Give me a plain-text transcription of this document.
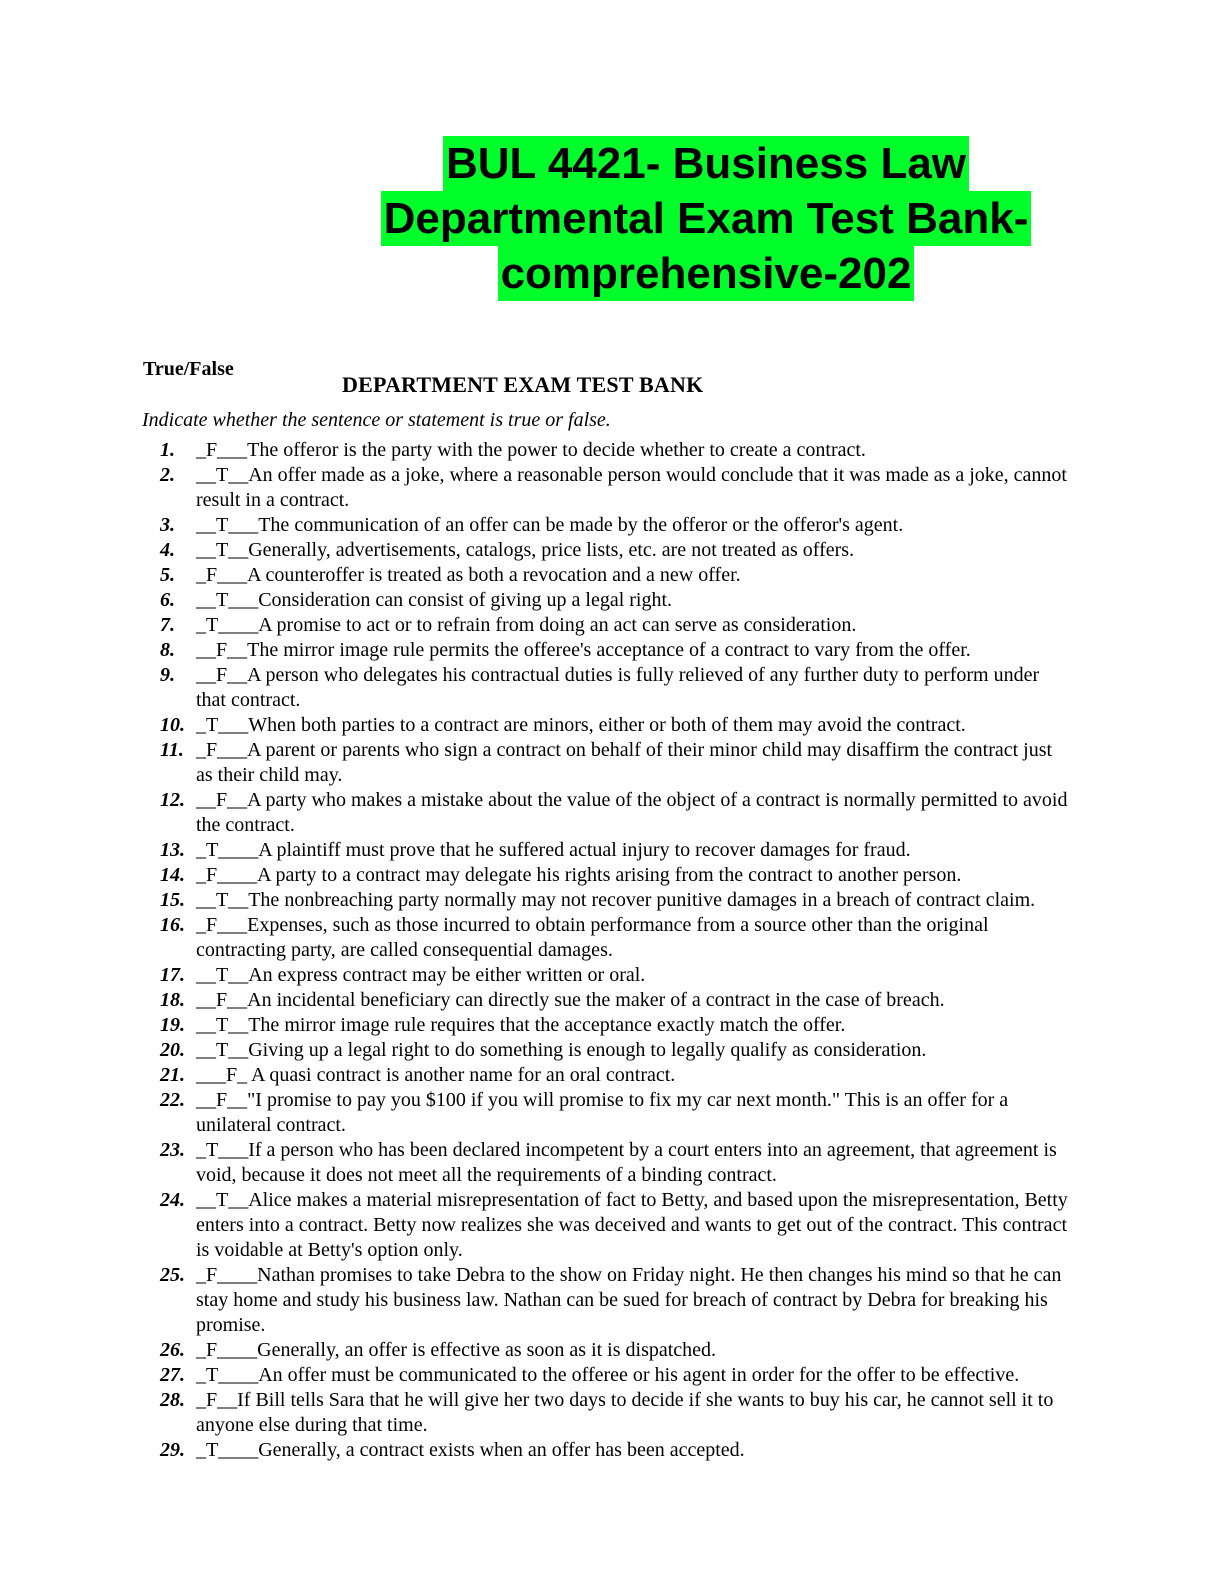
BUL 4421- Business Law
Departmental Exam Test Bank-
comprehensive-202
True/False
DEPARTMENT EXAM TEST BANK
Indicate whether the sentence or statement is true or false.
1.	_F___The offeror is the party with the power to decide whether to create a contract.
2.	__T__An offer made as a joke, where a reasonable person would conclude that it was made as a joke, cannot result in a contract.
3.	__T___The communication of an offer can be made by the offeror or the offeror's agent.
4.	__T__Generally, advertisements, catalogs, price lists, etc. are not treated as offers.
5.	_F___A counteroffer is treated as both a revocation and a new offer.
6.	__T___Consideration can consist of giving up a legal right.
7.	_T____A promise to act or to refrain from doing an act can serve as consideration.
8.	__F__The mirror image rule permits the offeree's acceptance of a contract to vary from the offer.
9.	__F__A person who delegates his contractual duties is fully relieved of any further duty to perform under that contract.
10. _T___When both parties to a contract are minors, either or both of them may avoid the contract.
11. _F___A parent or parents who sign a contract on behalf of their minor child may disaffirm the contract just as their child may.
12. __F__A party who makes a mistake about the value of the object of a contract is normally permitted to avoid the contract.
13. _T____A plaintiff must prove that he suffered actual injury to recover damages for fraud.
14. _F____A party to a contract may delegate his rights arising from the contract to another person.
15. __T__The nonbreaching party normally may not recover punitive damages in a breach of contract claim.
16. _F___Expenses, such as those incurred to obtain performance from a source other than the original contracting party, are called consequential damages.
17. __T__An express contract may be either written or oral.
18. __F__An incidental beneficiary can directly sue the maker of a contract in the case of breach.
19. __T__The mirror image rule requires that the acceptance exactly match the offer.
20. __T__Giving up a legal right to do something is enough to legally qualify as consideration.
21. ___F_ A quasi contract is another name for an oral contract.
22. __F__"I promise to pay you $100 if you will promise to fix my car next month." This is an offer for a unilateral contract.
23. _T___If a person who has been declared incompetent by a court enters into an agreement, that agreement is void, because it does not meet all the requirements of a binding contract.
24. __T__Alice makes a material misrepresentation of fact to Betty, and based upon the misrepresentation, Betty enters into a contract. Betty now realizes she was deceived and wants to get out of the contract. This contract is voidable at Betty's option only.
25. _F____Nathan promises to take Debra to the show on Friday night. He then changes his mind so that he can stay home and study his business law. Nathan can be sued for breach of contract by Debra for breaking his promise.
26. _F____Generally, an offer is effective as soon as it is dispatched.
27. _T____An offer must be communicated to the offeree or his agent in order for the offer to be effective.
28. _F__If Bill tells Sara that he will give her two days to decide if she wants to buy his car, he cannot sell it to anyone else during that time.
29. _T____Generally, a contract exists when an offer has been accepted.
